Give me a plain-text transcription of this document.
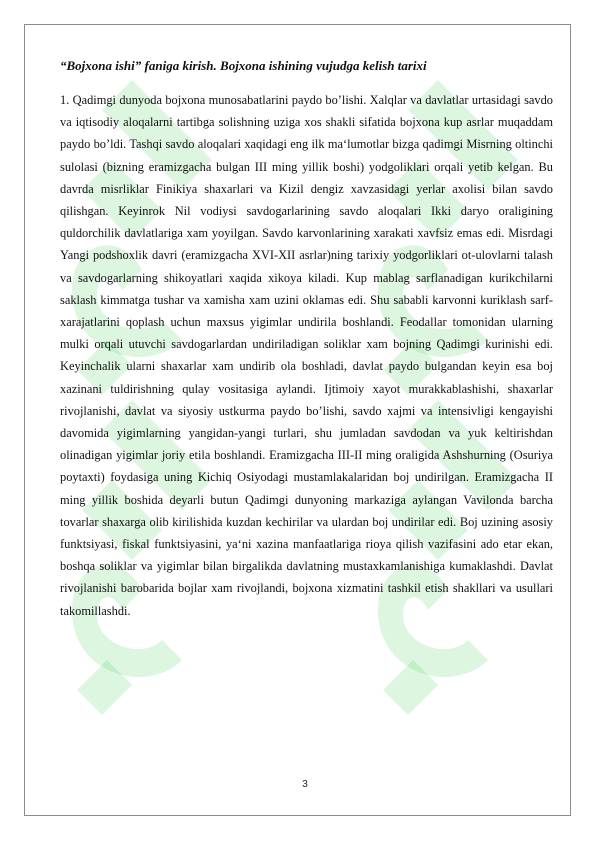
“Bojxona ishi” faniga kirish. Bojxona ishining vujudga kelish tarixi

1. Qadimgi dunyoda bojxona munosabatlarini paydo bo’lishi. Xalqlar va davlatlar urtasidagi savdo va iqtisodiy aloqalarni tartibga solishning uziga xos shakli sifatida bojxona kup asrlar muqaddam paydo bo’ldi. Tashqi savdo aloqalari xaqidagi eng ilk maʻlumotlar bizga qadimgi Misrning oltinchi sulolasi (bizning eramizgacha bulgan III ming yillik boshi) yodgoliklari orqali yetib kelgan. Bu davrda misrliklar Finikiya shaxarlari va Kizil dengiz xavzasidagi yerlar axolisi bilan savdo qilishgan. Keyinrok Nil vodiysi savdogarlarining savdo aloqalari Ikki daryo oraligining quldorchilik davlatlariga xam yoyilgan. Savdo karvonlarining xarakati xavfsiz emas edi. Misrdagi Yangi podshoxlik davri (eramizgacha XVI-XII asrlar)ning tarixiy yodgorliklari ot-ulovlarni talash va savdogarlarning shikoyatlari xaqida xikoya kiladi. Kup mablag sarflanadigan kurikchilarni saklash kimmatga tushar va xamisha xam uzini oklamas edi. Shu sababli karvonni kuriklash sarf-xarajatlarini qoplash uchun maxsus yigimlar undirila boshlandi. Feodallar tomonidan ularning mulki orqali utuvchi savdogarlardan undiriladigan soliklar xam bojning Qadimgi kurinishi edi. Keyinchalik ularni shaxarlar xam undirib ola boshladi, davlat paydo bulgandan keyin esa boj xazinani tuldirishning qulay vositasiga aylandi. Ijtimoiy xayot murakkablashishi, shaxarlar rivojlanishi, davlat va siyosiy ustkurma paydo bo’lishi, savdo xajmi va intensivligi kengayishi davomida yigimlarning yangidan-yangi turlari, shu jumladan savdodan va yuk keltirishdan olinadigan yigimlar joriy etila boshlandi. Eramizgacha III-II ming oraligida Ashshurning (Osuriya poytaxti) foydasiga uning Kichiq Osiyodagi mustamlakalaridan boj undirilgan. Eramizgacha II ming yillik boshida deyarli butun Qadimgi dunyoning markaziga aylangan Vavilonda barcha tovarlar shaxarga olib kirilishida kuzdan kechirilar va ulardan boj undirilar edi. Boj uzining asosiy funktsiyasi, fiskal funktsiyasini, yaʻni xazina manfaatlariga rioya qilish vazifasini ado etar ekan, boshqa soliklar va yigimlar bilan birgalikda davlatning mustaxkamlanishiga kumaklashdi. Davlat rivojlanishi barobarida bojlar xam rivojlandi, bojxona xizmatini tashkil etish shakllari va usullari takomillashdi.

3
